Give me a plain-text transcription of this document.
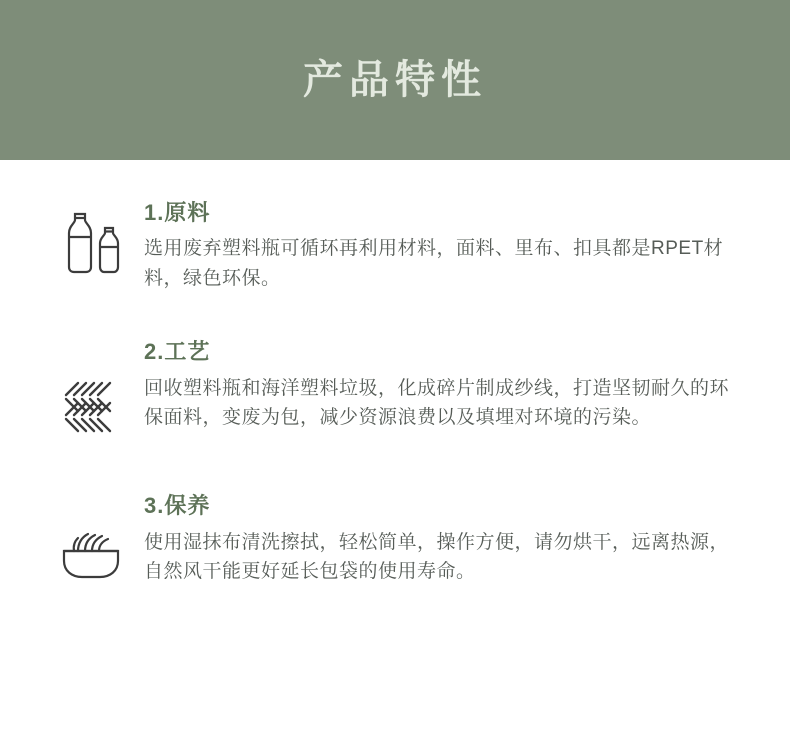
产品特性
1.原料

选用废弃塑料瓶可循环再利用材料，面料、里布、扣具都是RPET材料，绿色环保。

2.工艺

回收塑料瓶和海洋塑料垃圾，化成碎片制成纱线，打造坚韧耐久的环保面料，变废为包，减少资源浪费以及填埋对环境的污染。

3.保养

使用湿抹布清洗擦拭，轻松简单，操作方便，请勿烘干，远离热源，自然风干能更好延长包袋的使用寿命。
